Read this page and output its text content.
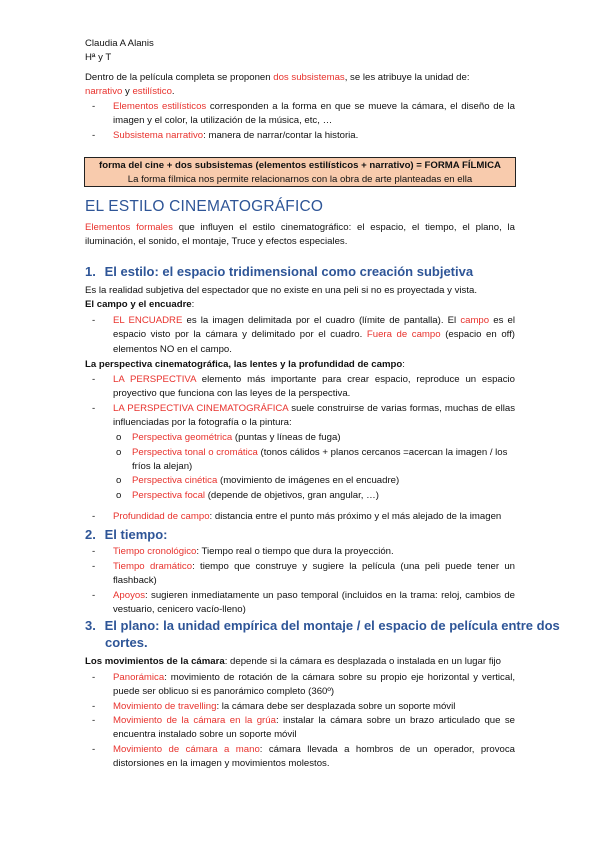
Claudia A Alanis
Hª y T
Dentro de la película completa se proponen dos subsistemas, se les atribuye la unidad de:
narrativo y estilístico.
- Elementos estilísticos corresponden a la forma en que se mueve la cámara, el diseño de la imagen y el color, la utilización de la música, etc, …
- Subsistema narrativo: manera de narrar/contar la historia.
forma del cine + dos subsistemas (elementos estilísticos + narrativo) = FORMA FÍLMICA
La forma fílmica nos permite relacionarnos con la obra de arte planteadas en ella
EL ESTILO CINEMATOGRÁFICO
Elementos formales que influyen el estilo cinematográfico: el espacio, el tiempo, el plano, la iluminación, el sonido, el montaje, Truce y efectos especiales.
1. El estilo: el espacio tridimensional como creación subjetiva
Es la realidad subjetiva del espectador que no existe en una peli si no es proyectada y vista.
El campo y el encuadre:
- EL ENCUADRE es la imagen delimitada por el cuadro (límite de pantalla). El campo es el espacio visto por la cámara y delimitado por el cuadro. Fuera de campo (espacio en off) elementos NO en el campo.
La perspectiva cinematográfica, las lentes y la profundidad de campo:
- LA PERSPECTIVA elemento más importante para crear espacio, reproduce un espacio proyectivo que funciona con las leyes de la perspectiva.
- LA PERSPECTIVA CINEMATOGRÁFICA suele construirse de varias formas, muchas de ellas influenciadas por la fotografía o la pintura:
o Perspectiva geométrica (puntas y líneas de fuga)
o Perspectiva tonal o cromática (tonos cálidos + planos cercanos =acercan la imagen / los fríos la alejan)
o Perspectiva cinética (movimiento de imágenes en el encuadre)
o Perspectiva focal (depende de objetivos, gran angular, …)
- Profundidad de campo: distancia entre el punto más próximo y el más alejado de la imagen
2. El tiempo:
- Tiempo cronológico: Tiempo real o tiempo que dura la proyección.
- Tiempo dramático: tiempo que construye y sugiere la película (una peli puede tener un flashback)
- Apoyos: sugieren inmediatamente un paso temporal (incluidos en la trama: reloj, cambios de vestuario, cenicero vacío-lleno)
3. El plano: la unidad empírica del montaje / el espacio de película entre dos
cortes.
Los movimientos de la cámara: depende si la cámara es desplazada o instalada en un lugar fijo
- Panorámica: movimiento de rotación de la cámara sobre su propio eje horizontal y vertical, puede ser oblicuo si es panorámico completo (360º)
- Movimiento de travelling: la cámara debe ser desplazada sobre un soporte móvil
- Movimiento de la cámara en la grúa: instalar la cámara sobre un brazo articulado que se encuentra instalado sobre un soporte móvil
- Movimiento de cámara a mano: cámara llevada a hombros de un operador, provoca distorsiones en la imagen y movimientos molestos.
